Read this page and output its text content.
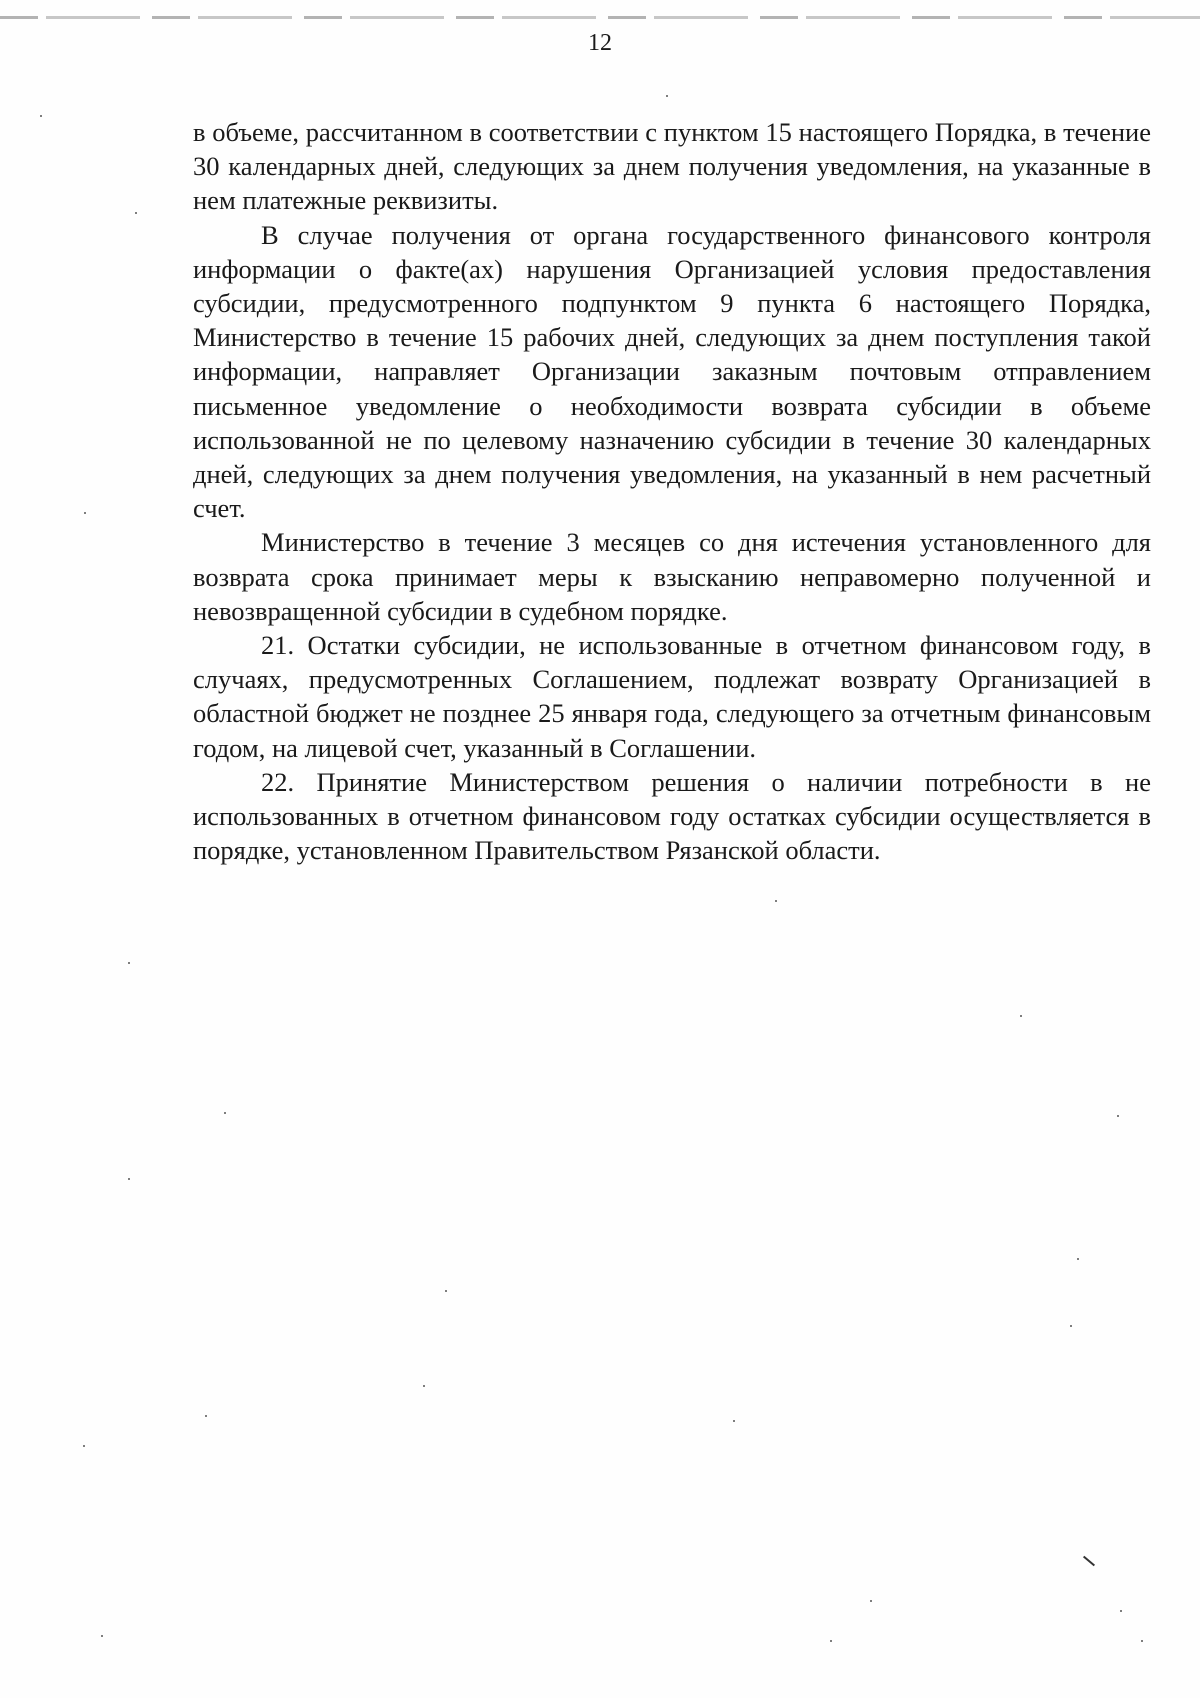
12

в объеме, рассчитанном в соответствии с пунктом 15 настоящего Порядка, в течение 30 календарных дней, следующих за днем получения уведомления, на указанные в нем платежные реквизиты.

В случае получения от органа государственного финансового контроля информации о факте(ах) нарушения Организацией условия предоставления субсидии, предусмотренного подпунктом 9 пункта 6 настоящего Порядка, Министерство в течение 15 рабочих дней, следующих за днем поступления такой информации, направляет Организации заказным почтовым отправлением письменное уведомление о необходимости возврата субсидии в объеме использованной не по целевому назначению субсидии в течение 30 календарных дней, следующих за днем получения уведомления, на указанный в нем расчетный счет.

Министерство в течение 3 месяцев со дня истечения установленного для возврата срока принимает меры к взысканию неправомерно полученной и невозвращенной субсидии в судебном порядке.

21. Остатки субсидии, не использованные в отчетном финансовом году, в случаях, предусмотренных Соглашением, подлежат возврату Организацией в областной бюджет не позднее 25 января года, следующего за отчетным финансовым годом, на лицевой счет, указанный в Соглашении.

22. Принятие Министерством решения о наличии потребности в не использованных в отчетном финансовом году остатках субсидии осуществляется в порядке, установленном Правительством Рязанской области.
